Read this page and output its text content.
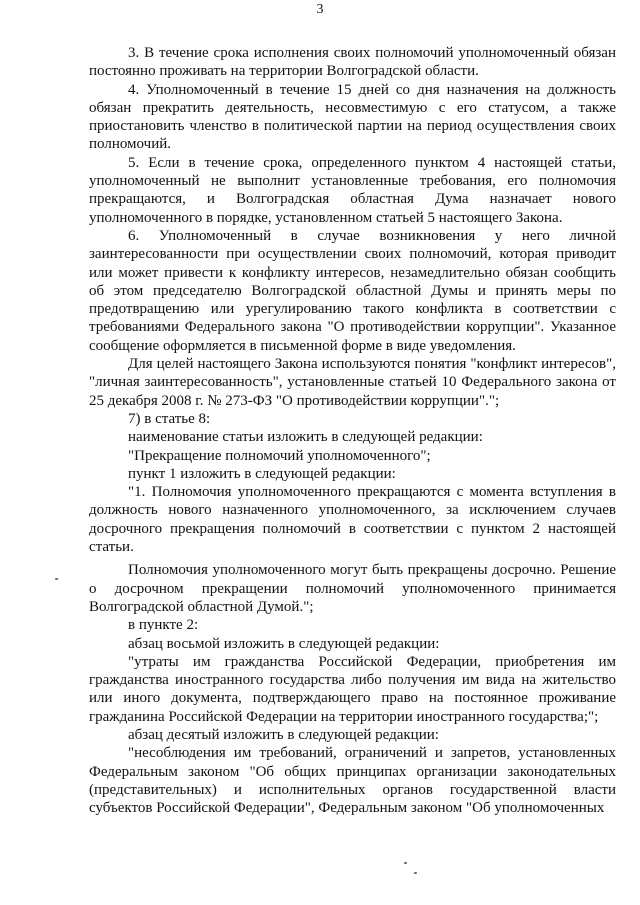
3
3. В течение срока исполнения своих полномочий уполномоченный обязан постоянно проживать на территории Волгоградской области.
4. Уполномоченный в течение 15 дней со дня назначения на должность обязан прекратить деятельность, несовместимую с его статусом, а также приостановить членство в политической партии на период осуществления своих полномочий.
5. Если в течение срока, определенного пунктом 4 настоящей статьи, уполномоченный не выполнит установленные требования, его полномочия прекращаются, и Волгоградская областная Дума назначает нового уполномоченного в порядке, установленном статьей 5 настоящего Закона.
6. Уполномоченный в случае возникновения у него личной заинтересованности при осуществлении своих полномочий, которая приводит или может привести к конфликту интересов, незамедлительно обязан сообщить об этом председателю Волгоградской областной Думы и принять меры по предотвращению или урегулированию такого конфликта в соответствии с требованиями Федерального закона "О противодействии коррупции". Указанное сообщение оформляется в письменной форме в виде уведомления.
Для целей настоящего Закона используются понятия "конфликт интересов", "личная заинтересованность", установленные статьей 10 Федерального закона от 25 декабря 2008 г. № 273-ФЗ "О противодействии коррупции".";
7) в статье 8:
наименование статьи изложить в следующей редакции:
"Прекращение полномочий уполномоченного";
пункт 1 изложить в следующей редакции:
"1. Полномочия уполномоченного прекращаются с момента вступления в должность нового назначенного уполномоченного, за исключением случаев досрочного прекращения полномочий в соответствии с пунктом 2 настоящей статьи.
Полномочия уполномоченного могут быть прекращены досрочно. Решение о досрочном прекращении полномочий уполномоченного принимается Волгоградской областной Думой.";
в пункте 2:
абзац восьмой изложить в следующей редакции:
"утраты им гражданства Российской Федерации, приобретения им гражданства иностранного государства либо получения им вида на жительство или иного документа, подтверждающего право на постоянное проживание гражданина Российской Федерации на территории иностранного государства;";
абзац десятый изложить в следующей редакции:
"несоблюдения им требований, ограничений и запретов, установленных Федеральным законом "Об общих принципах организации законодательных (представительных) и исполнительных органов государственной власти субъектов Российской Федерации", Федеральным законом "Об уполномоченных
